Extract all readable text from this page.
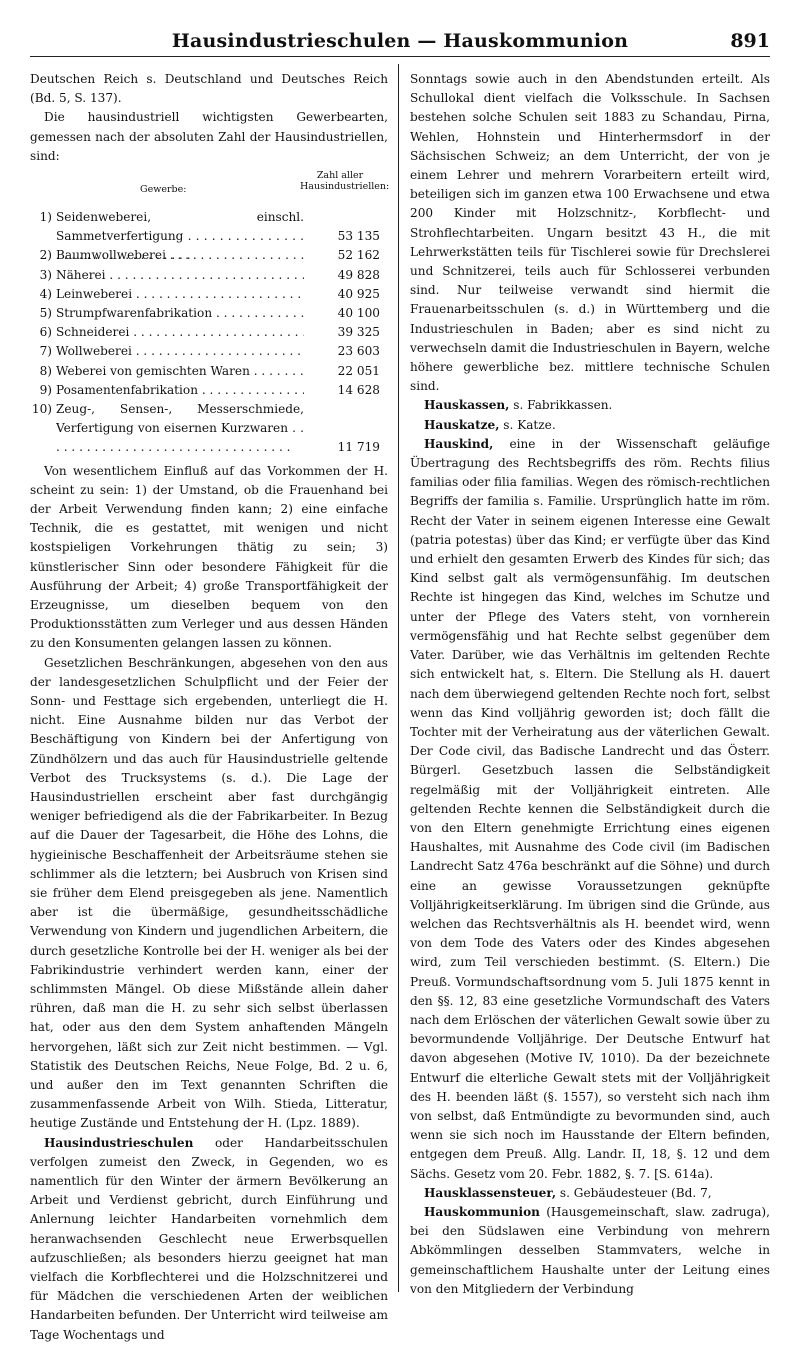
Hausindustrieschulen — Hauskommunion	891

Deutschen Reich s. Deutschland und Deutsches Reich (Bd. 5, S. 137).

Die hausindustriell wichtigsten Gewerbearten, gemessen nach der absoluten Zahl der Hausindustriellen, sind:

Gewerbe:
Zahl aller Hausindustriellen:
1) Seidenweberei, einschl. Sammetverfertigung . . .	53 135
2) Baumwollweberei . . .	52 162
3) Näherei . . .	49 828
4) Leinweberei . . .	40 925
5) Strumpfwarenfabrikation . . .	40 100
6) Schneiderei . . .	39 325
7) Wollweberei . . .	23 603
8) Weberei von gemischten Waren . . .	22 051
9) Posamentenfabrikation . . .	14 628
10) Zeug-, Sensen-, Messerschmiede, Verfertigung von eisernen Kurzwaren . . .
11 719

Von wesentlichem Einfluß auf das Vorkommen der H. scheint zu sein: 1) der Umstand, ob die Frauenhand bei der Arbeit Verwendung finden kann; 2) eine einfache Technik, die es gestattet, mit wenigen und nicht kostspieligen Vorkehrungen thätig zu sein; 3) künstlerischer Sinn oder besondere Fähigkeit für die Ausführung der Arbeit; 4) große Transportfähigkeit der Erzeugnisse, um dieselben bequem von den Produktionsstätten zum Verleger und aus dessen Händen zu den Konsumenten gelangen lassen zu können.

Gesetzlichen Beschränkungen, abgesehen von den aus der landesgesetzlichen Schulpflicht und der Feier der Sonn- und Festtage sich ergebenden, unterliegt die H. nicht. Eine Ausnahme bilden nur das Verbot der Beschäftigung von Kindern bei der Anfertigung von Zündhölzern und das auch für Hausindustrielle geltende Verbot des Trucksystems (s. d.). Die Lage der Hausindustriellen erscheint aber fast durchgängig weniger befriedigend als die der Fabrikarbeiter. In Bezug auf die Dauer der Tagesarbeit, die Höhe des Lohns, die hygieinische Beschaffenheit der Arbeitsräume stehen sie schlimmer als die letztern; bei Ausbruch von Krisen sind sie früher dem Elend preisgegeben als jene. Namentlich aber ist die übermäßige, gesundheitsschädliche Verwendung von Kindern und jugendlichen Arbeitern, die durch gesetzliche Kontrolle bei der H. weniger als bei der Fabrikindustrie verhindert werden kann, einer der schlimmsten Mängel. Ob diese Mißstände allein daher rühren, daß man die H. zu sehr sich selbst überlassen hat, oder aus den dem System anhaftenden Mängeln hervorgehen, läßt sich zur Zeit nicht bestimmen. — Vgl. Statistik des Deutschen Reichs, Neue Folge, Bd. 2 u. 6, und außer den im Text genannten Schriften die zusammenfassende Arbeit von Wilh. Stieda, Litteratur, heutige Zustände und Entstehung der H. (Lpz. 1889).

Hausindustrieschulen oder Handarbeitsschulen verfolgen zumeist den Zweck, in Gegenden, wo es namentlich für den Winter der ärmern Bevölkerung an Arbeit und Verdienst gebricht, durch Einführung und Anlernung leichter Handarbeiten vornehmlich dem heranwachsenden Geschlecht neue Erwerbsquellen aufzuschließen; als besonders hierzu geeignet hat man vielfach die Korbflechterei und die Holzschnitzerei und für Mädchen die verschiedenen Arten der weiblichen Handarbeiten befunden. Der Unterricht wird teilweise am Tage Wochentags und

Sonntags sowie auch in den Abendstunden erteilt. Als Schullokal dient vielfach die Volksschule. In Sachsen bestehen solche Schulen seit 1883 zu Schandau, Pirna, Wehlen, Hohnstein und Hinterhermsdorf in der Sächsischen Schweiz; an dem Unterricht, der von je einem Lehrer und mehrern Vorarbeitern erteilt wird, beteiligen sich im ganzen etwa 100 Erwachsene und etwa 200 Kinder mit Holzschnitz-, Korbflecht- und Strohflechtarbeiten. Ungarn besitzt 43 H., die mit Lehrwerkstätten teils für Tischlerei sowie für Drechslerei und Schnitzerei, teils auch für Schlosserei verbunden sind. Nur teilweise verwandt sind hiermit die Frauenarbeitsschulen (s. d.) in Württemberg und die Industrieschulen in Baden; aber es sind nicht zu verwechseln damit die Industrieschulen in Bayern, welche höhere gewerbliche bez. mittlere technische Schulen sind.

Hauskassen, s. Fabrikkassen.

Hauskatze, s. Katze.

Hauskind, eine in der Wissenschaft geläufige Übertragung des Rechtsbegriffs des röm. Rechts filius familias oder filia familias. Wegen des römisch-rechtlichen Begriffs der familia s. Familie. Ursprünglich hatte im röm. Recht der Vater in seinem eigenen Interesse eine Gewalt (patria potestas) über das Kind; er verfügte über das Kind und erhielt den gesamten Erwerb des Kindes für sich; das Kind selbst galt als vermögensunfähig. Im deutschen Rechte ist hingegen das Kind, welches im Schutze und unter der Pflege des Vaters steht, von vornherein vermögensfähig und hat Rechte selbst gegenüber dem Vater. Darüber, wie das Verhältnis im geltenden Rechte sich entwickelt hat, s. Eltern. Die Stellung als H. dauert nach dem überwiegend geltenden Rechte noch fort, selbst wenn das Kind volljährig geworden ist; doch fällt die Tochter mit der Verheiratung aus der väterlichen Gewalt. Der Code civil, das Badische Landrecht und das Österr. Bürgerl. Gesetzbuch lassen die Selbständigkeit regelmäßig mit der Volljährigkeit eintreten. Alle geltenden Rechte kennen die Selbständigkeit durch die von den Eltern genehmigte Errichtung eines eigenen Haushaltes, mit Ausnahme des Code civil (im Badischen Landrecht Satz 476a beschränkt auf die Söhne) und durch eine an gewisse Voraussetzungen geknüpfte Volljährigkeitserklärung. Im übrigen sind die Gründe, aus welchen das Rechtsverhältnis als H. beendet wird, wenn von dem Tode des Vaters oder des Kindes abgesehen wird, zum Teil verschieden bestimmt. (S. Eltern.) Die Preuß. Vormundschaftsordnung vom 5. Juli 1875 kennt in den §§. 12, 83 eine gesetzliche Vormundschaft des Vaters nach dem Erlöschen der väterlichen Gewalt sowie über zu bevormundende Volljährige. Der Deutsche Entwurf hat davon abgesehen (Motive IV, 1010). Da der bezeichnete Entwurf die elterliche Gewalt stets mit der Volljährigkeit des H. beenden läßt (§. 1557), so versteht sich nach ihm von selbst, daß Entmündigte zu bevormunden sind, auch wenn sie sich noch im Hausstande der Eltern befinden, entgegen dem Preuß. Allg. Landr. II, 18, §. 12 und dem Sächs. Gesetz vom 20. Febr. 1882, §. 7. [S. 614a).

Hausklassensteuer, s. Gebäudesteuer (Bd. 7,

Hauskommunion (Hausgemeinschaft, slaw. zadruga), bei den Südslawen eine Verbindung von mehrern Abkömmlingen desselben Stammvaters, welche in gemeinschaftlichem Haushalte unter der Leitung eines von den Mitgliedern der Verbindung
